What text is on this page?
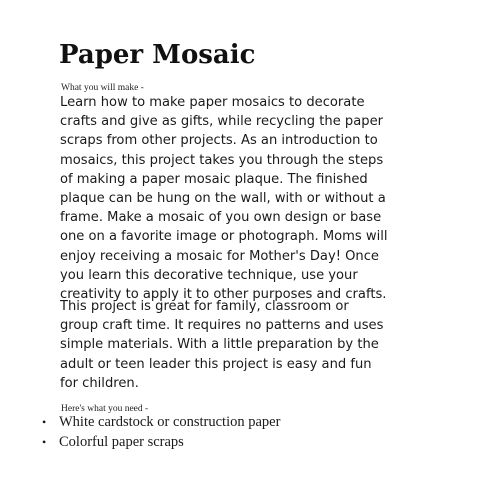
Paper Mosaic

What you will make -

Learn how to make paper mosaics to decorate
crafts and give as gifts, while recycling the paper
scraps from other projects. As an introduction to
mosaics, this project takes you through the steps
of making a paper mosaic plaque. The finished
plaque can be hung on the wall, with or without a
frame. Make a mosaic of you own design or base
one on a favorite image or photograph. Moms will
enjoy receiving a mosaic for Mother's Day! Once
you learn this decorative technique, use your
creativity to apply it to other purposes and crafts.

This project is great for family, classroom or
group craft time. It requires no patterns and uses
simple materials. With a little preparation by the
adult or teen leader this project is easy and fun
for children.

Here's what you need -

• White cardstock or construction paper
• Colorful paper scraps
